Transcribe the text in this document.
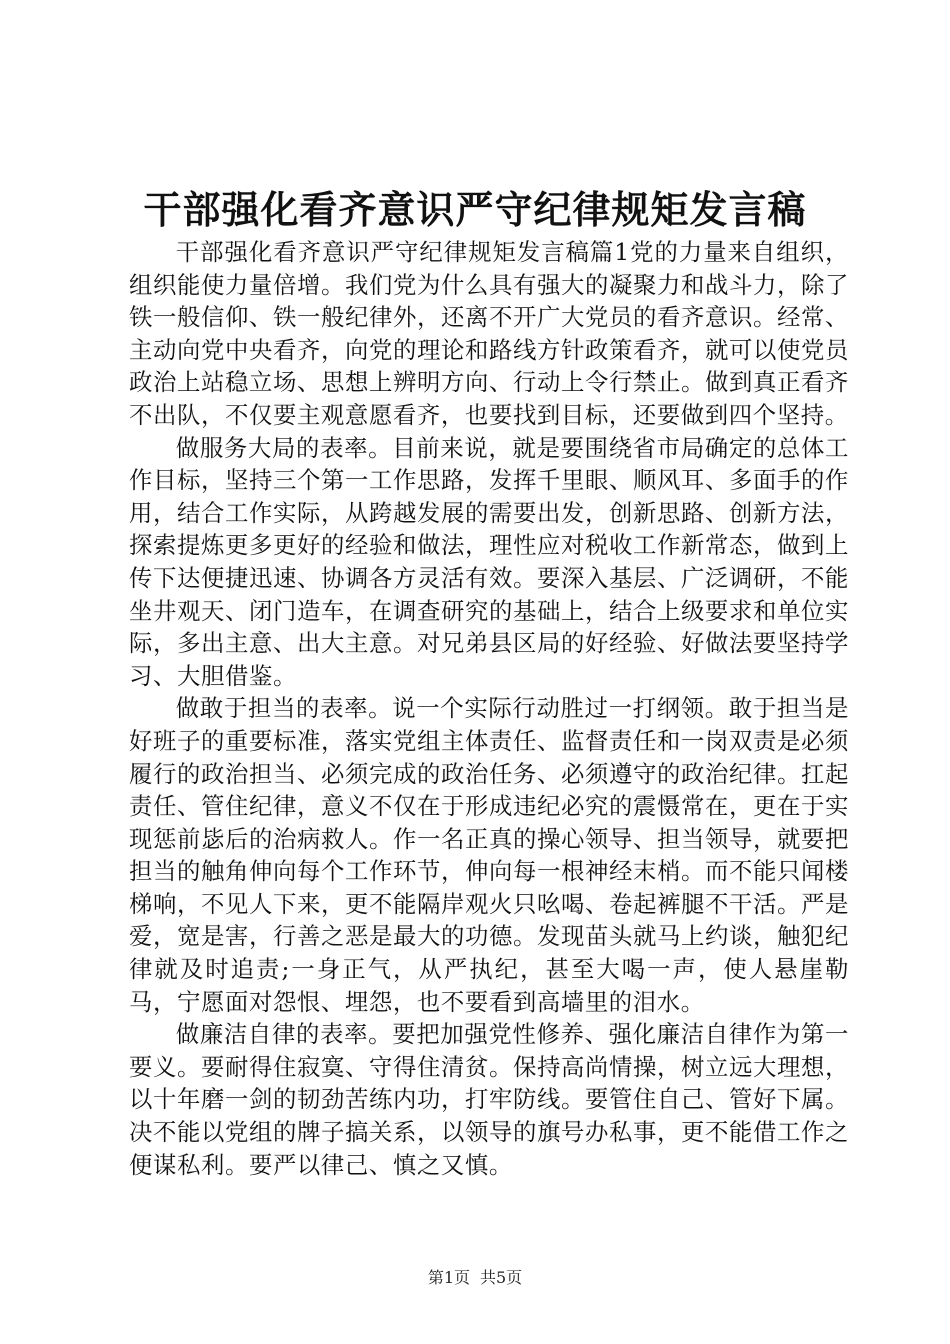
干部强化看齐意识严守纪律规矩发言稿

干部强化看齐意识严守纪律规矩发言稿篇1党的力量来自组织，组织能使力量倍增。我们党为什么具有强大的凝聚力和战斗力，除了铁一般信仰、铁一般纪律外，还离不开广大党员的看齐意识。经常、主动向党中央看齐，向党的理论和路线方针政策看齐，就可以使党员政治上站稳立场、思想上辨明方向、行动上令行禁止。做到真正看齐不出队，不仅要主观意愿看齐，也要找到目标，还要做到四个坚持。

做服务大局的表率。目前来说，就是要围绕省市局确定的总体工作目标，坚持三个第一工作思路，发挥千里眼、顺风耳、多面手的作用，结合工作实际，从跨越发展的需要出发，创新思路、创新方法，探索提炼更多更好的经验和做法，理性应对税收工作新常态，做到上传下达便捷迅速、协调各方灵活有效。要深入基层、广泛调研，不能坐井观天、闭门造车，在调查研究的基础上，结合上级要求和单位实际，多出主意、出大主意。对兄弟县区局的好经验、好做法要坚持学习、大胆借鉴。

做敢于担当的表率。说一个实际行动胜过一打纲领。敢于担当是好班子的重要标准，落实党组主体责任、监督责任和一岗双责是必须履行的政治担当、必须完成的政治任务、必须遵守的政治纪律。扛起责任、管住纪律，意义不仅在于形成违纪必究的震慑常在，更在于实现惩前毖后的治病救人。作一名正真的操心领导、担当领导，就要把担当的触角伸向每个工作环节，伸向每一根神经末梢。而不能只闻楼梯响，不见人下来，更不能隔岸观火只吆喝、卷起裤腿不干活。严是爱，宽是害，行善之恶是最大的功德。发现苗头就马上约谈，触犯纪律就及时追责;一身正气，从严执纪，甚至大喝一声，使人悬崖勒马，宁愿面对怨恨、埋怨，也不要看到高墙里的泪水。

做廉洁自律的表率。要把加强党性修养、强化廉洁自律作为第一要义。要耐得住寂寞、守得住清贫。保持高尚情操，树立远大理想，以十年磨一剑的韧劲苦练内功，打牢防线。要管住自己、管好下属。决不能以党组的牌子搞关系，以领导的旗号办私事，更不能借工作之便谋私利。要严以律己、慎之又慎。

第1页 共5页
